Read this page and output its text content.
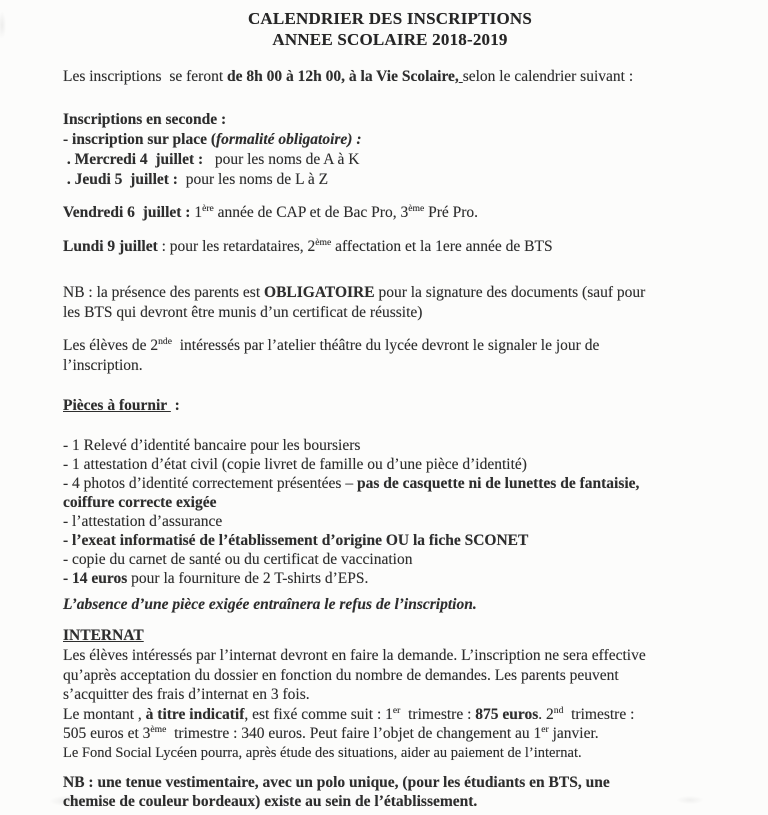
CALENDRIER DES INSCRIPTIONS
ANNEE SCOLAIRE 2018-2019
Les inscriptions  se feront de 8h 00 à 12h 00, à la Vie Scolaire, selon le calendrier suivant :
Inscriptions en seconde :
- inscription sur place (formalité obligatoire) :
. Mercredi 4  juillet :   pour les noms de A à K
. Jeudi 5  juillet :  pour les noms de L à Z
Vendredi 6  juillet : 1ère année de CAP et de Bac Pro, 3ème Pré Pro.
Lundi 9 juillet : pour les retardataires, 2ème affectation et la 1ere année de BTS
NB : la présence des parents est OBLIGATOIRE pour la signature des documents (sauf pour
les BTS qui devront être munis d’un certificat de réussite)
Les élèves de 2nde  intéressés par l’atelier théâtre du lycée devront le signaler le jour de
l’inscription.
Pièces à fournir  :
- 1 Relevé d’identité bancaire pour les boursiers
- 1 attestation d’état civil (copie livret de famille ou d’une pièce d’identité)
- 4 photos d’identité correctement présentées – pas de casquette ni de lunettes de fantaisie,
coiffure correcte exigée
- l’attestation d’assurance
- l’exeat informatisé de l’établissement d’origine OU la fiche SCONET
- copie du carnet de santé ou du certificat de vaccination
- 14 euros pour la fourniture de 2 T-shirts d’EPS.
L’absence d’une pièce exigée entraînera le refus de l’inscription.
INTERNAT
Les élèves intéressés par l’internat devront en faire la demande. L’inscription ne sera effective
qu’après acceptation du dossier en fonction du nombre de demandes. Les parents peuvent
s’acquitter des frais d’internat en 3 fois.
Le montant , à titre indicatif, est fixé comme suit : 1er  trimestre : 875 euros. 2nd  trimestre :
505 euros et 3ème  trimestre : 340 euros. Peut faire l’objet de changement au 1er janvier.
Le Fond Social Lycéen pourra, après étude des situations, aider au paiement de l’internat.
NB : une tenue vestimentaire, avec un polo unique, (pour les étudiants en BTS, une
chemise de couleur bordeaux) existe au sein de l’établissement.
